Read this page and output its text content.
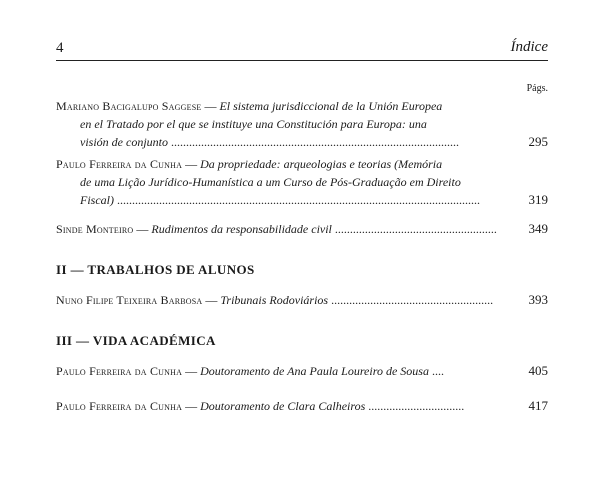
4	Índice
Págs.
Mariano Bacigalupo Saggese — El sistema jurisdiccional de la Unión Europea
en el Tratado por el que se instituye una Constitución para Europa: una
visión de conjunto ................................................................................................	295
Paulo Ferreira da Cunha — Da propriedade: arqueologias e teorias (Memória
de uma Lição Jurídico-Humanística a um Curso de Pós-Graduação em Direito
Fiscal) .........................................................................................................................	319
Sinde Monteiro — Rudimentos da responsabilidade civil ......................................................	349
II — TRABALHOS DE ALUNOS
Nuno Filipe Teixeira Barbosa — Tribunais Rodoviários ......................................................	393
III — VIDA ACADÉMICA
Paulo Ferreira da Cunha — Doutoramento de Ana Paula Loureiro de Sousa ....	405
Paulo Ferreira da Cunha — Doutoramento de Clara Calheiros ................................	417
